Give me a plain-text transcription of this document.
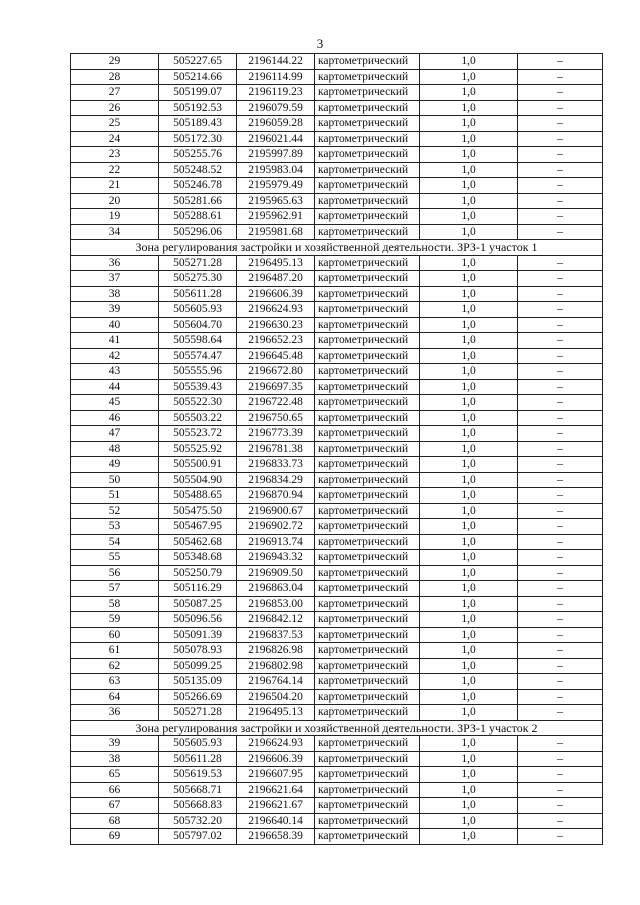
3
29	505227.65	2196144.22	картометрический	1,0	–
28	505214.66	2196114.99	картометрический	1,0	–
27	505199.07	2196119.23	картометрический	1,0	–
26	505192.53	2196079.59	картометрический	1,0	–
25	505189.43	2196059.28	картометрический	1,0	–
24	505172.30	2196021.44	картометрический	1,0	–
23	505255.76	2195997.89	картометрический	1,0	–
22	505248.52	2195983.04	картометрический	1,0	–
21	505246.78	2195979.49	картометрический	1,0	–
20	505281.66	2195965.63	картометрический	1,0	–
19	505288.61	2195962.91	картометрический	1,0	–
34	505296.06	2195981.68	картометрический	1,0	–
Зона регулирования застройки и хозяйственной деятельности. ЗРЗ-1 участок 1					
36	505271.28	2196495.13	картометрический	1,0	–
37	505275.30	2196487.20	картометрический	1,0	–
38	505611.28	2196606.39	картометрический	1,0	–
39	505605.93	2196624.93	картометрический	1,0	–
40	505604.70	2196630.23	картометрический	1,0	–
41	505598.64	2196652.23	картометрический	1,0	–
42	505574.47	2196645.48	картометрический	1,0	–
43	505555.96	2196672.80	картометрический	1,0	–
44	505539.43	2196697.35	картометрический	1,0	–
45	505522.30	2196722.48	картометрический	1,0	–
46	505503.22	2196750.65	картометрический	1,0	–
47	505523.72	2196773.39	картометрический	1,0	–
48	505525.92	2196781.38	картометрический	1,0	–
49	505500.91	2196833.73	картометрический	1,0	–
50	505504.90	2196834.29	картометрический	1,0	–
51	505488.65	2196870.94	картометрический	1,0	–
52	505475.50	2196900.67	картометрический	1,0	–
53	505467.95	2196902.72	картометрический	1,0	–
54	505462.68	2196913.74	картометрический	1,0	–
55	505348.68	2196943.32	картометрический	1,0	–
56	505250.79	2196909.50	картометрический	1,0	–
57	505116.29	2196863.04	картометрический	1,0	–
58	505087.25	2196853.00	картометрический	1,0	–
59	505096.56	2196842.12	картометрический	1,0	–
60	505091.39	2196837.53	картометрический	1,0	–
61	505078.93	2196826.98	картометрический	1,0	–
62	505099.25	2196802.98	картометрический	1,0	–
63	505135.09	2196764.14	картометрический	1,0	–
64	505266.69	2196504.20	картометрический	1,0	–
36	505271.28	2196495.13	картометрический	1,0	–
Зона регулирования застройки и хозяйственной деятельности. ЗРЗ-1 участок 2					
39	505605.93	2196624.93	картометрический	1,0	–
38	505611.28	2196606.39	картометрический	1,0	–
65	505619.53	2196607.95	картометрический	1,0	–
66	505668.71	2196621.64	картометрический	1,0	–
67	505668.83	2196621.67	картометрический	1,0	–
68	505732.20	2196640.14	картометрический	1,0	–
69	505797.02	2196658.39	картометрический	1,0	–
